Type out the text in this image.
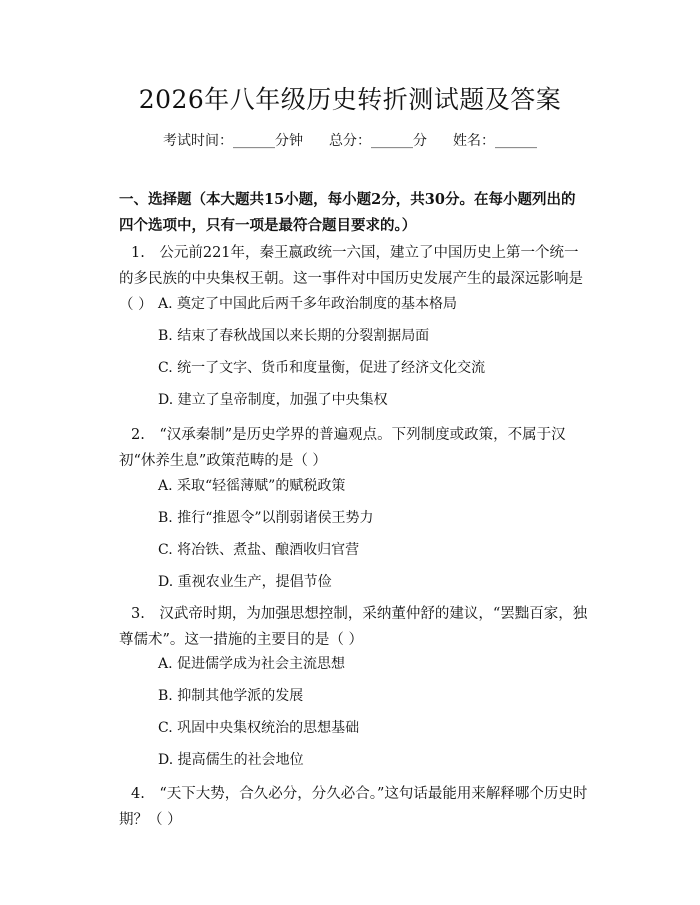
2026年八年级历史转折测试题及答案
考试时间：______分钟 总分：______分 姓名：______
一、选择题（本大题共15小题，每小题2分，共30分。在每小题列出的四个选项中，只有一项是最符合题目要求的。）
1.  公元前221年，秦王嬴政统一六国，建立了中国历史上第一个统一的多民族的中央集权王朝。这一事件对中国历史发展产生的最深远影响是（ ） A. 奠定了中国此后两千多年政治制度的基本格局
B. 结束了春秋战国以来长期的分裂割据局面
C. 统一了文字、货币和度量衡，促进了经济文化交流
D. 建立了皇帝制度，加强了中央集权
2.  “汉承秦制”是历史学界的普遍观点。下列制度或政策，不属于汉初“休养生息”政策范畴的是（ ）
A. 采取“轻徭薄赋”的赋税政策
B. 推行“推恩令”以削弱诸侯王势力
C. 将冶铁、煮盐、酿酒收归官营
D. 重视农业生产，提倡节俭
3.  汉武帝时期，为加强思想控制，采纳董仲舒的建议，“罢黜百家，独尊儒术”。这一措施的主要目的是（ ）
A. 促进儒学成为社会主流思想
B. 抑制其他学派的发展
C. 巩固中央集权统治的思想基础
D. 提高儒生的社会地位
4.  “天下大势，合久必分，分久必合。”这句话最能用来解释哪个历史时期？（ ）
